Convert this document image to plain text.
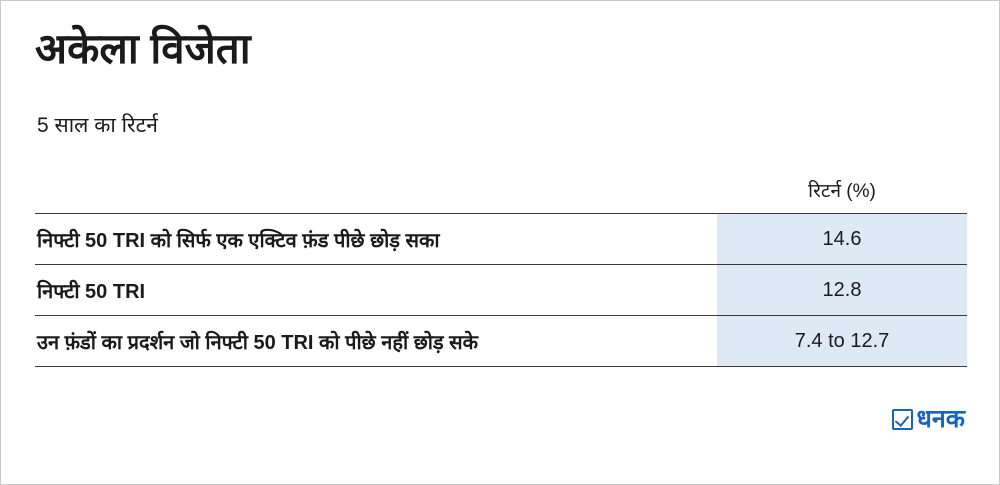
अकेला विजेता
5 साल का रिटर्न
	रिटर्न (%)
निफ्टी 50 TRI को सिर्फ एक एक्टिव फ़ंड पीछे छोड़ सका	14.6
निफ्टी 50 TRI	12.8
उन फ़ंडों का प्रदर्शन जो निफ्टी 50 TRI को पीछे नहीं छोड़ सके	7.4 to 12.7
धनक
